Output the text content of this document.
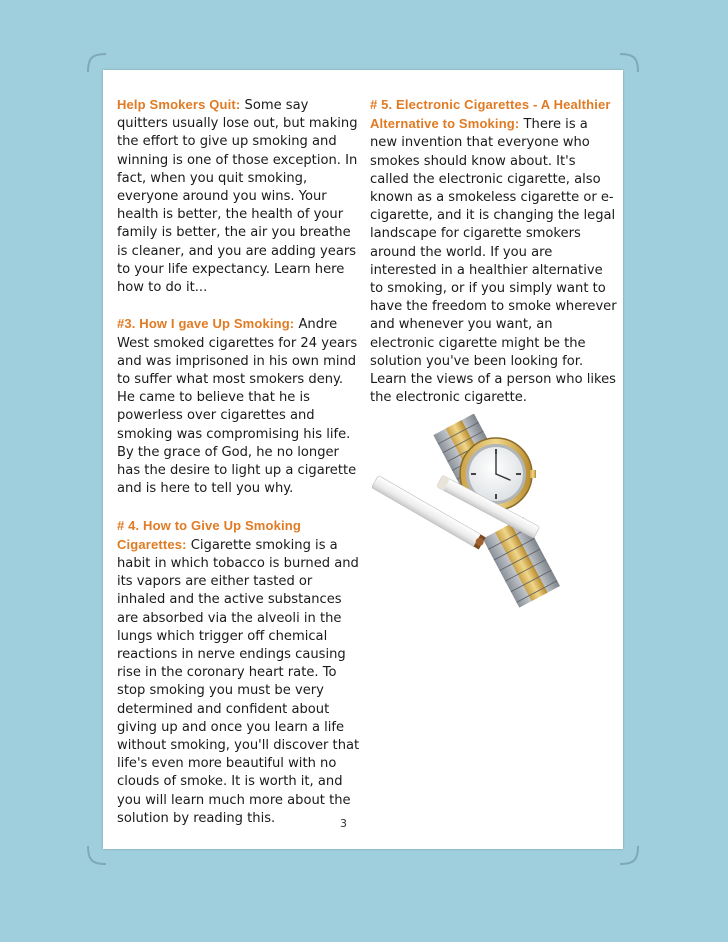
Help Smokers Quit: Some say quitters usually lose out, but making the effort to give up smoking and winning is one of those exception. In fact, when you quit smoking, everyone around you wins. Your health is better, the health of your family is better, the air you breathe is cleaner, and you are adding years to your life expectancy. Learn here how to do it...

#3. How I gave Up Smoking: Andre West smoked cigarettes for 24 years and was imprisoned in his own mind to suffer what most smokers deny. He came to believe that he is powerless over cigarettes and smoking was compromising his life. By the grace of God, he no longer has the desire to light up a cigarette and is here to tell you why.

# 4. How to Give Up Smoking Cigarettes: Cigarette smoking is a habit in which tobacco is burned and its vapors are either tasted or inhaled and the active substances are absorbed via the alveoli in the lungs which trigger off chemical reactions in nerve endings causing rise in the coronary heart rate. To stop smoking you must be very determined and confident about giving up and once you learn a life without smoking, you'll discover that life's even more beautiful with no clouds of smoke. It is worth it, and you will learn much more about the solution by reading this.

# 5. Electronic Cigarettes - A Healthier Alternative to Smoking: There is a new invention that everyone who smokes should know about. It's called the electronic cigarette, also known as a smokeless cigarette or e-cigarette, and it is changing the legal landscape for cigarette smokers around the world. If you are interested in a healthier alternative to smoking, or if you simply want to have the freedom to smoke wherever and whenever you want, an electronic cigarette might be the solution you've been looking for. Learn the views of a person who likes the electronic cigarette.

3
